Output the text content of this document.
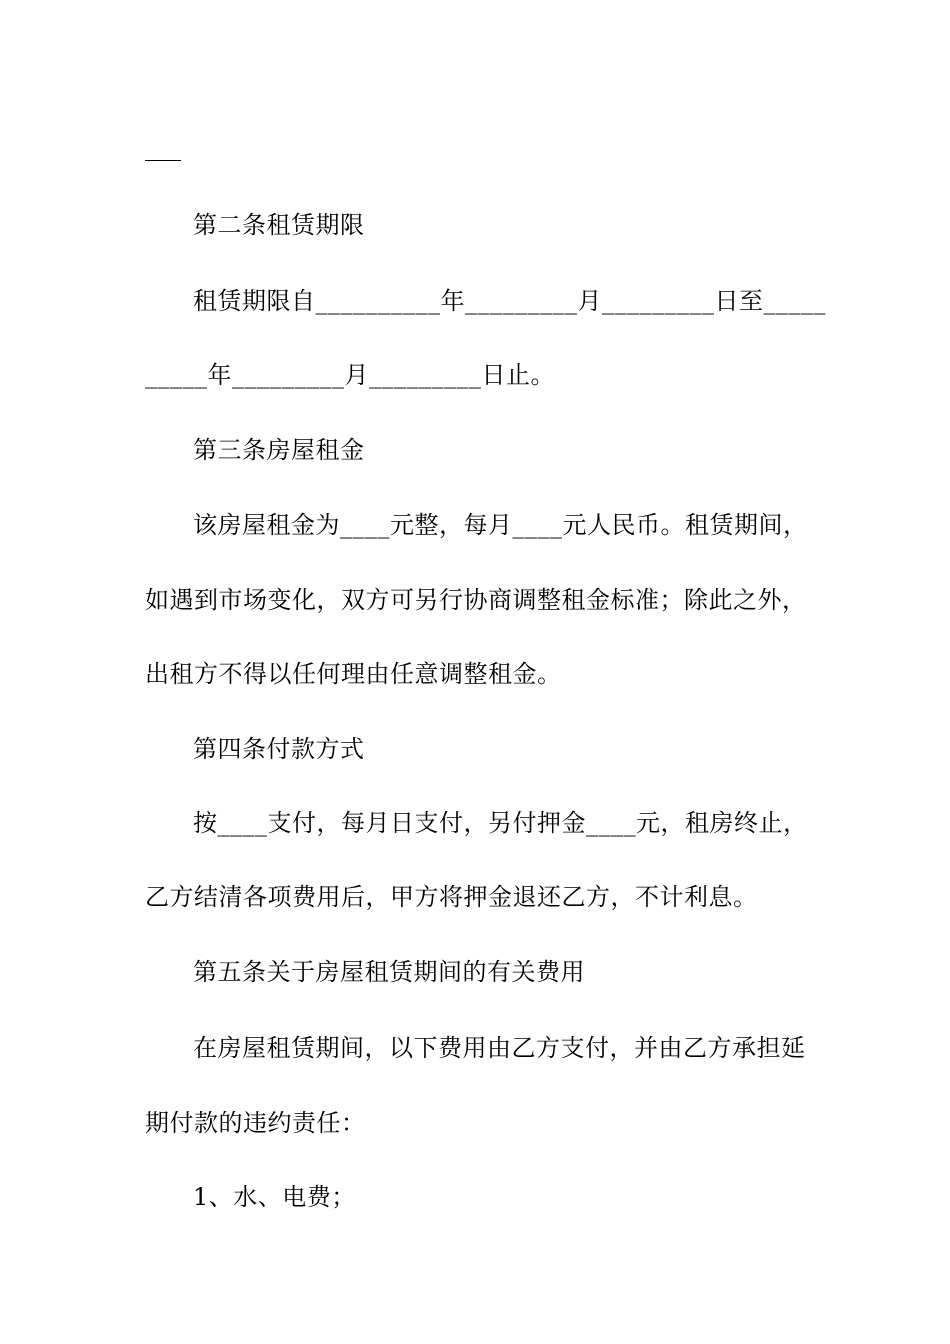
第二条租赁期限
租赁期限自__________年_________月_________日至_____
_____年_________月_________日止。
第三条房屋租金
该房屋租金为____元整，每月____元人民币。租赁期间，
如遇到市场变化，双方可另行协商调整租金标准；除此之外，
出租方不得以任何理由任意调整租金。
第四条付款方式
按____支付，每月日支付，另付押金____元，租房终止，
乙方结清各项费用后，甲方将押金退还乙方，不计利息。
第五条关于房屋租赁期间的有关费用
在房屋租赁期间，以下费用由乙方支付，并由乙方承担延
期付款的违约责任：
1、水、电费；
